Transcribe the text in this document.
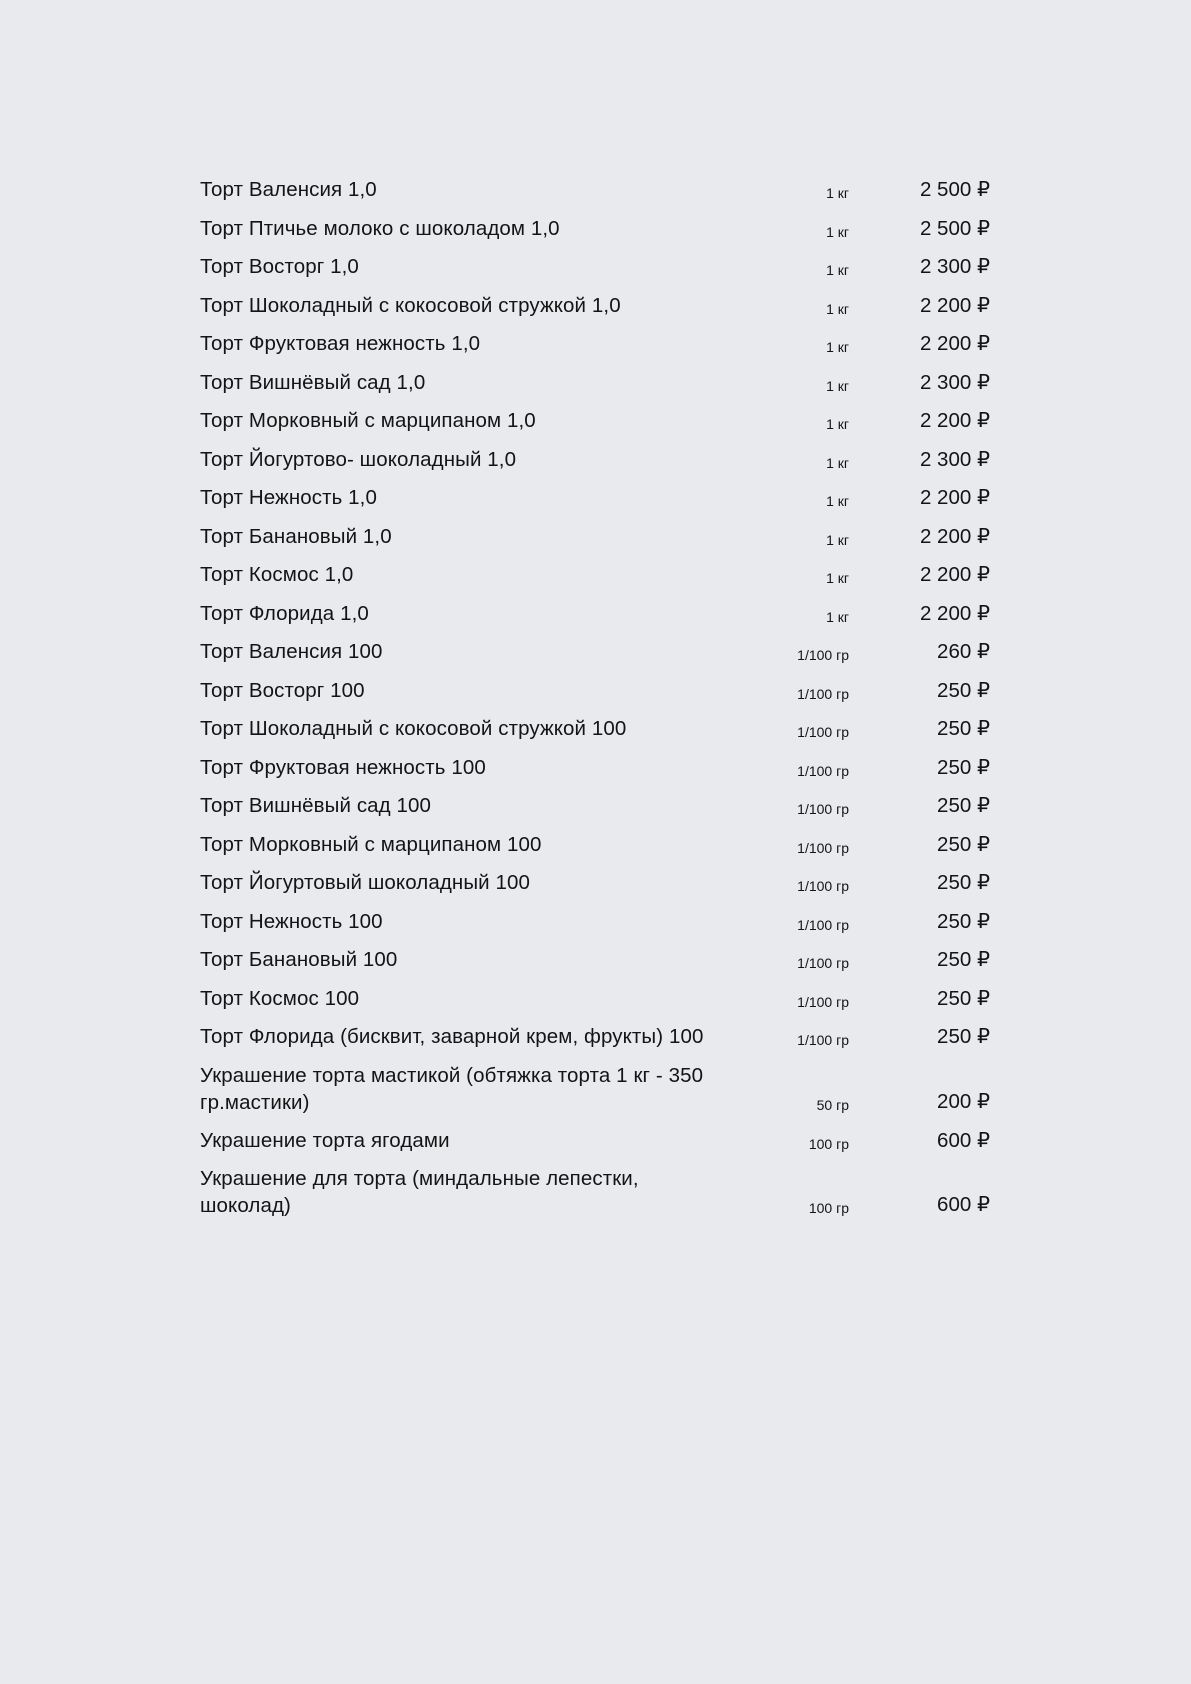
Торт Валенсия 1,0	1 кг	2 500 ₽
Торт Птичье молоко с шоколадом 1,0	1 кг	2 500 ₽
Торт Восторг 1,0	1 кг	2 300 ₽
Торт Шоколадный с кокосовой стружкой 1,0	1 кг	2 200 ₽
Торт Фруктовая нежность 1,0	1 кг	2 200 ₽
Торт Вишнёвый сад 1,0	1 кг	2 300 ₽
Торт Морковный с марципаном 1,0	1 кг	2 200 ₽
Торт Йогуртово- шоколадный 1,0	1 кг	2 300 ₽
Торт Нежность 1,0	1 кг	2 200 ₽
Торт Банановый 1,0	1 кг	2 200 ₽
Торт Космос 1,0	1 кг	2 200 ₽
Торт Флорида 1,0	1 кг	2 200 ₽
Торт Валенсия 100	1/100 гр	260 ₽
Торт Восторг 100	1/100 гр	250 ₽
Торт Шоколадный с кокосовой стружкой 100	1/100 гр	250 ₽
Торт Фруктовая нежность 100	1/100 гр	250 ₽
Торт Вишнёвый сад 100	1/100 гр	250 ₽
Торт Морковный с марципаном 100	1/100 гр	250 ₽
Торт Йогуртовый шоколадный 100	1/100 гр	250 ₽
Торт Нежность 100	1/100 гр	250 ₽
Торт Банановый 100	1/100 гр	250 ₽
Торт Космос 100	1/100 гр	250 ₽
Торт Флорида (бисквит, заварной крем, фрукты) 100	1/100 гр	250 ₽
Украшение торта мастикой (обтяжка торта 1 кг - 350 гр.мастики)	50 гр	200 ₽
Украшение торта ягодами	100 гр	600 ₽
Украшение для торта (миндальные лепестки, шоколад)	100 гр	600 ₽
